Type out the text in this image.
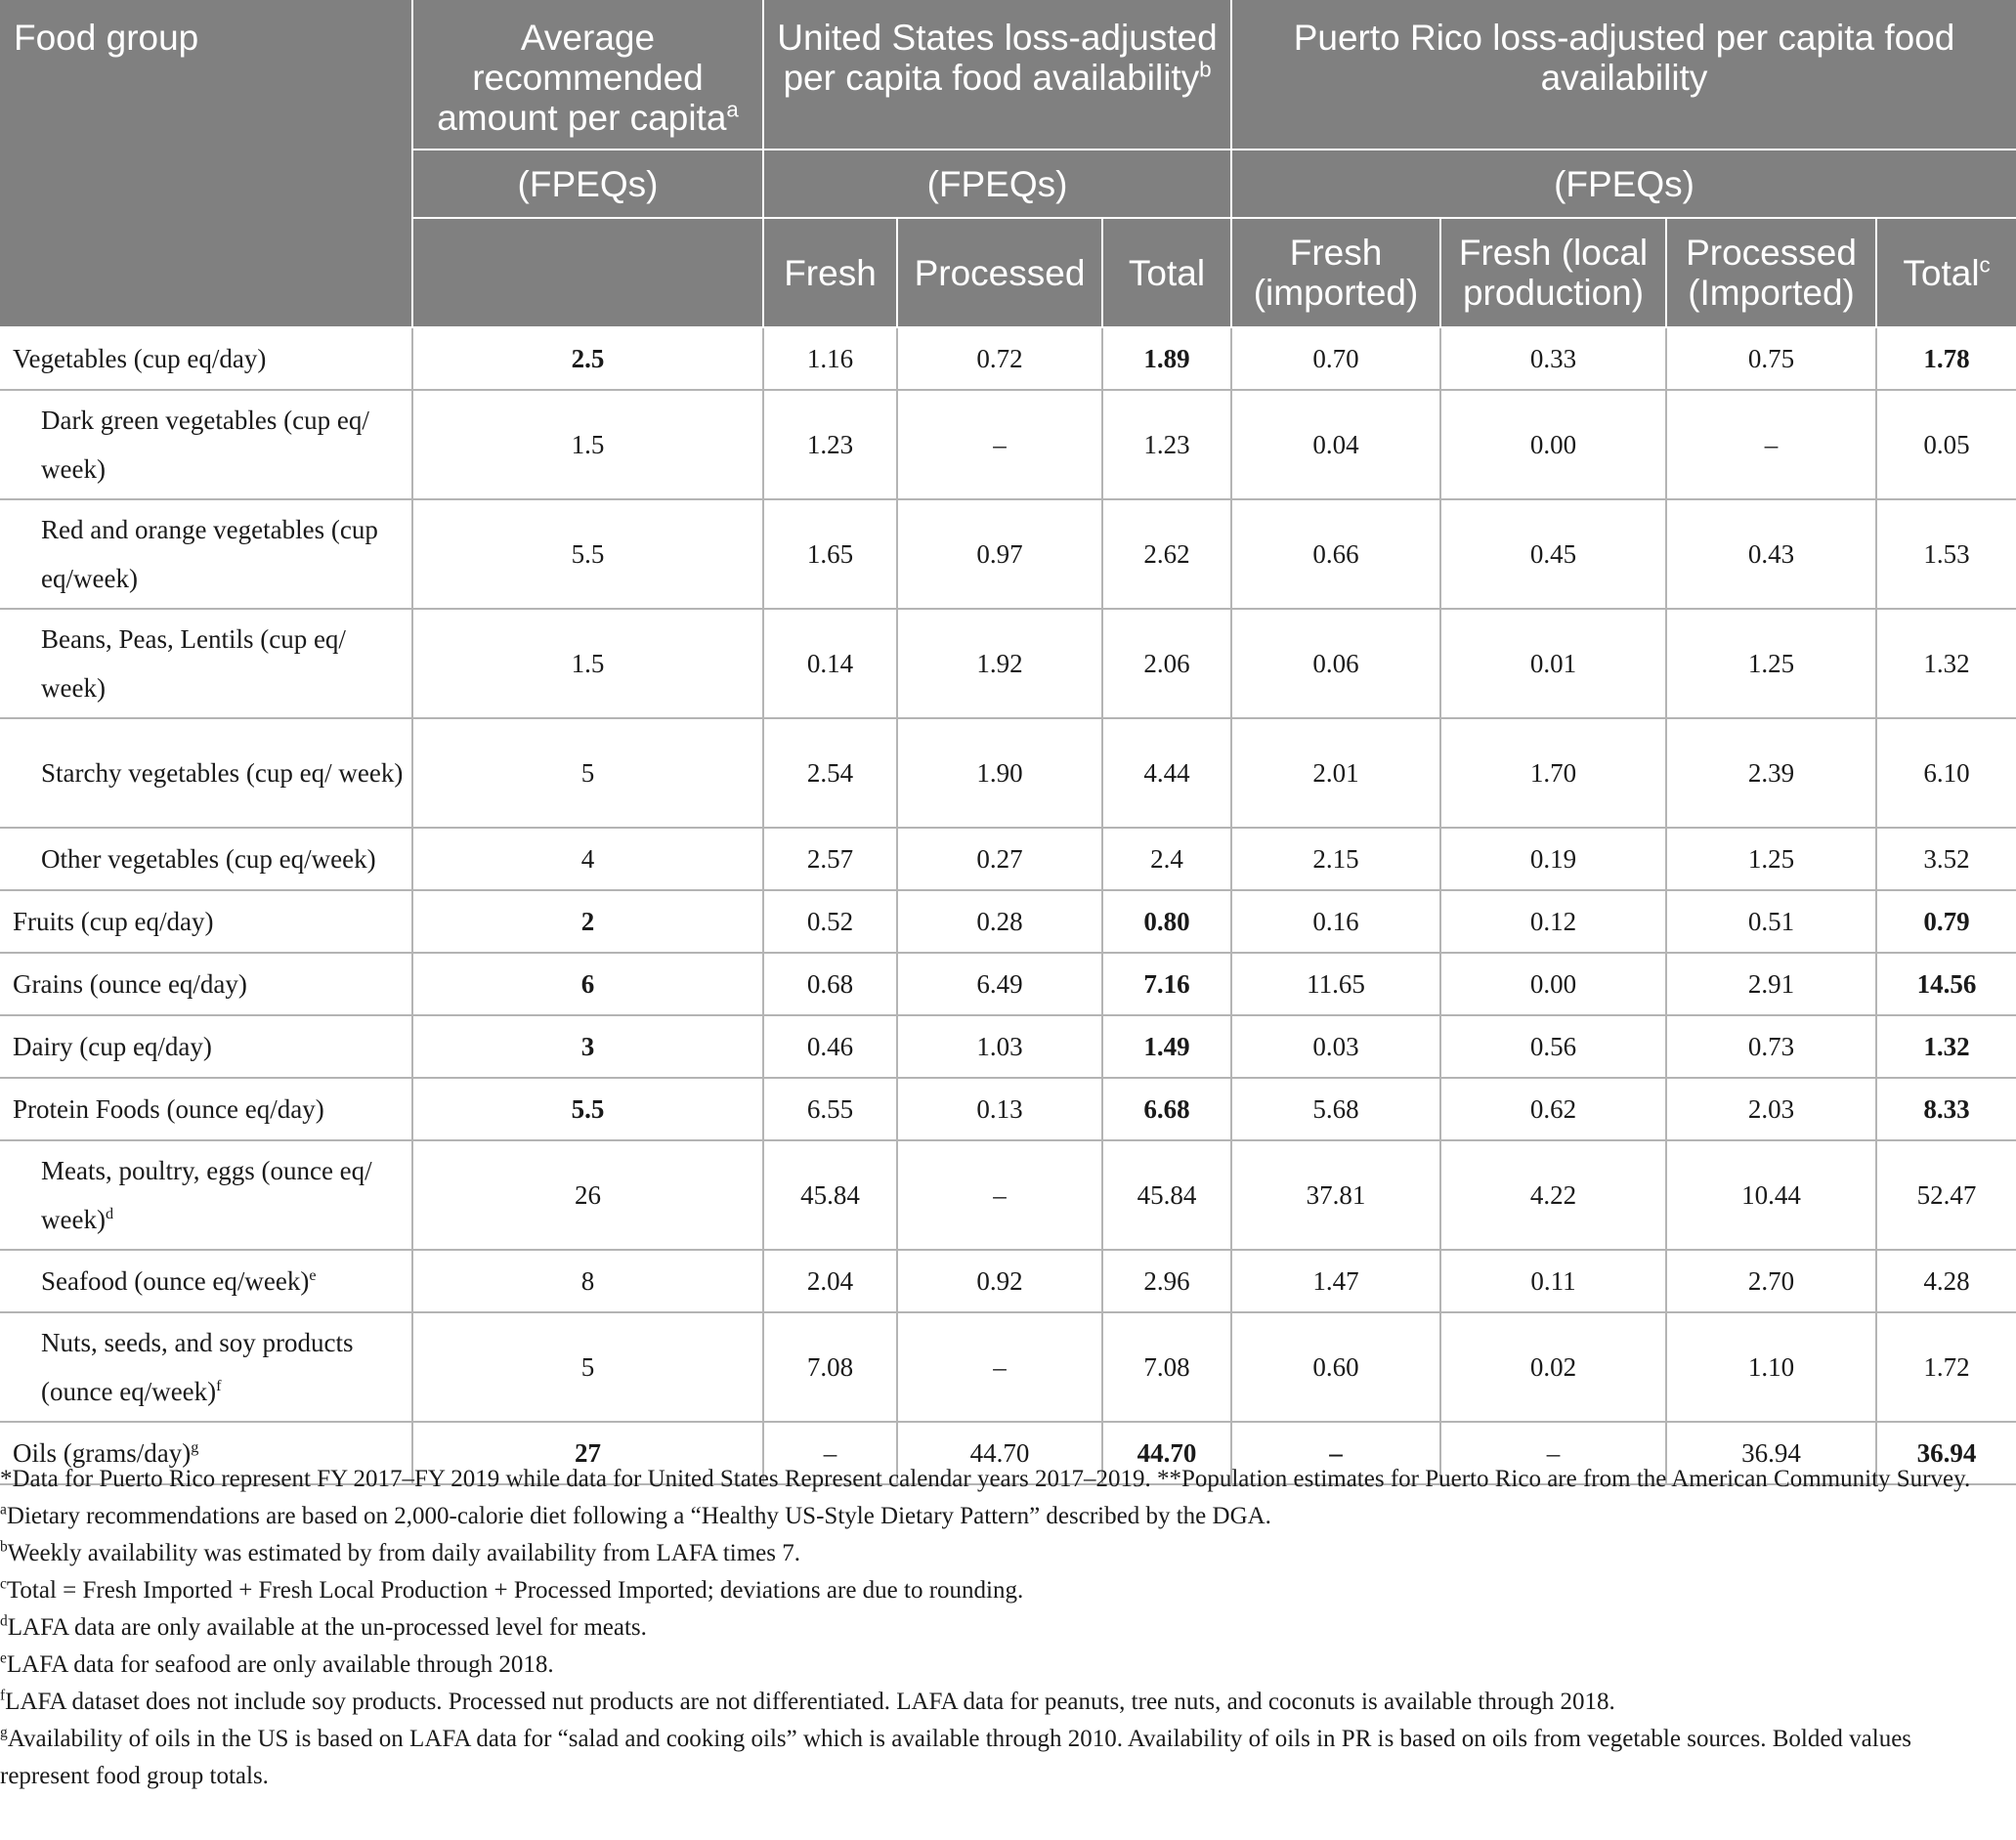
Food group	Average recommended amount per capita$^a$	United States loss-adjusted per capita food availability$^b$			Puerto Rico loss-adjusted per capita food availability			
	(FPEQs)	(FPEQs)			(FPEQs)			
		Fresh	Processed	Total	Fresh (imported)	Fresh (local production)	Processed (Imported)	Total$^c$
Vegetables (cup eq/day)	2.5	1.16	0.72	1.89	0.70	0.33	0.75	1.78
Dark green vegetables (cup eq/ week)	1.5	1.23	–	1.23	0.04	0.00	–	0.05
Red and orange vegetables (cup eq/week)	5.5	1.65	0.97	2.62	0.66	0.45	0.43	1.53
Beans, Peas, Lentils (cup eq/ week)	1.5	0.14	1.92	2.06	0.06	0.01	1.25	1.32
Starchy vegetables (cup eq/ week)	5	2.54	1.90	4.44	2.01	1.70	2.39	6.10
Other vegetables (cup eq/week)	4	2.57	0.27	2.4	2.15	0.19	1.25	3.52
Fruits (cup eq/day)	2	0.52	0.28	0.80	0.16	0.12	0.51	0.79
Grains (ounce eq/day)	6	0.68	6.49	7.16	11.65	0.00	2.91	14.56
Dairy (cup eq/day)	3	0.46	1.03	1.49	0.03	0.56	0.73	1.32
Protein Foods (ounce eq/day)	5.5	6.55	0.13	6.68	5.68	0.62	2.03	8.33
Meats, poultry, eggs (ounce eq/ week)$^d$	26	45.84	–	45.84	37.81	4.22	10.44	52.47
Seafood (ounce eq/week)$^e$	8	2.04	0.92	2.96	1.47	0.11	2.70	4.28
Nuts, seeds, and soy products (ounce eq/week)$^f$	5	7.08	–	7.08	0.60	0.02	1.10	1.72
Oils (grams/day)$^g$	27	–	44.70	44.70	–	–	36.94	36.94

*Data for Puerto Rico represent FY 2017–FY 2019 while data for United States Represent calendar years 2017–2019. **Population estimates for Puerto Rico are from the American Community Survey.

$^a$Dietary recommendations are based on 2,000-calorie diet following a “Healthy US-Style Dietary Pattern” described by the DGA.

$^b$Weekly availability was estimated by from daily availability from LAFA times 7.

$^c$Total = Fresh Imported + Fresh Local Production + Processed Imported; deviations are due to rounding.

$^d$LAFA data are only available at the un-processed level for meats.

$^e$LAFA data for seafood are only available through 2018.

$^f$LAFA dataset does not include soy products. Processed nut products are not differentiated. LAFA data for peanuts, tree nuts, and coconuts is available through 2018.

$^g$Availability of oils in the US is based on LAFA data for “salad and cooking oils” which is available through 2010. Availability of oils in PR is based on oils from vegetable sources. Bolded values represent food group totals.
